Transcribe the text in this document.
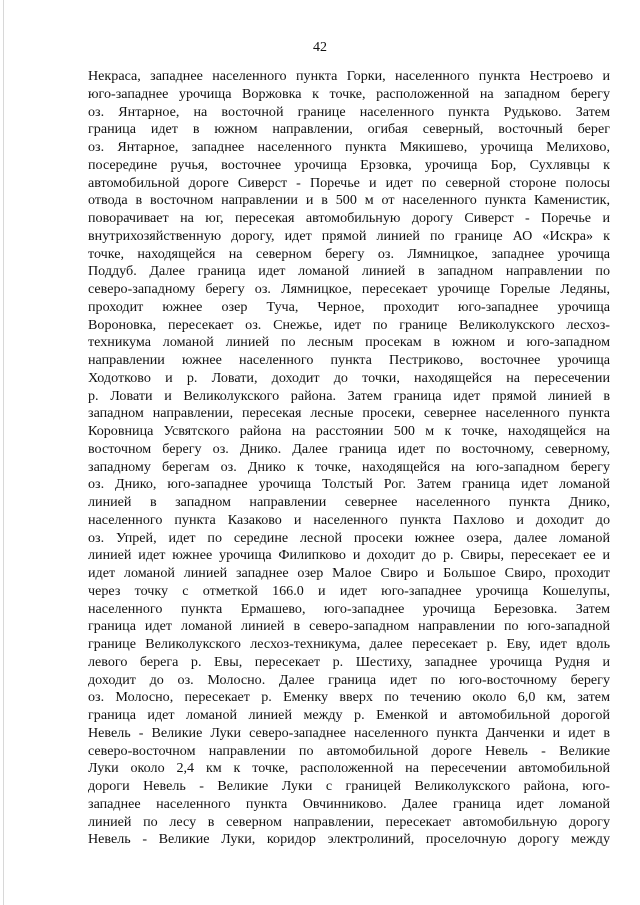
42
Некраса, западнее населенного пункта Горки, населенного пункта Нестроево и
юго-западнее урочища Воржовка к точке, расположенной на западном берегу
оз. Янтарное, на восточной границе населенного пункта Рудьково. Затем
граница идет в южном направлении, огибая северный, восточный берег
оз. Янтарное, западнее населенного пункта Мякишево, урочища Мелихово,
посередине ручья, восточнее урочища Ерзовка, урочища Бор, Сухлявцы к
автомобильной дороге Сиверст - Поречье и идет по северной стороне полосы
отвода в восточном направлении и в 500 м от населенного пункта Каменистик,
поворачивает на юг, пересекая автомобильную дорогу Сиверст - Поречье и
внутрихозяйственную дорогу, идет прямой линией по границе АО «Искра» к
точке, находящейся на северном берегу оз. Лямницкое, западнее урочища
Поддуб. Далее граница идет ломаной линией в западном направлении по
северо-западному берегу оз. Лямницкое, пересекает урочище Горелые Ледяны,
проходит южнее озер Туча, Черное, проходит юго-западнее урочища
Вороновка, пересекает оз. Снежье, идет по границе Великолукского лесхоз-
техникума ломаной линией по лесным просекам в южном и юго-западном
направлении южнее населенного пункта Пестриково, восточнее урочища
Ходотково и р. Ловати, доходит до точки, находящейся на пересечении
р. Ловати и Великолукского района. Затем граница идет прямой линией в
западном направлении, пересекая лесные просеки, севернее населенного пункта
Коровница Усвятского района на расстоянии 500 м к точке, находящейся на
восточном берегу оз. Днико. Далее граница идет по восточному, северному,
западному берегам оз. Днико к точке, находящейся на юго-западном берегу
оз. Днико, юго-западнее урочища Толстый Рог. Затем граница идет ломаной
линией в западном направлении севернее населенного пункта Днико,
населенного пункта Казаково и населенного пункта Пахлово и доходит до
оз. Упрей, идет по середине лесной просеки южнее озера, далее ломаной
линией идет южнее урочища Филипково и доходит до р. Свиры, пересекает ее и
идет ломаной линией западнее озер Малое Свиро и Большое Свиро, проходит
через точку с отметкой 166.0 и идет юго-западнее урочища Кошелупы,
населенного пункта Ермашево, юго-западнее урочища Березовка. Затем
граница идет ломаной линией в северо-западном направлении по юго-западной
границе Великолукского лесхоз-техникума, далее пересекает р. Еву, идет вдоль
левого берега р. Евы, пересекает р. Шестиху, западнее урочища Рудня и
доходит до оз. Молосно. Далее граница идет по юго-восточному берегу
оз. Молосно, пересекает р. Еменку вверх по течению около 6,0 км, затем
граница идет ломаной линией между р. Еменкой и автомобильной дорогой
Невель - Великие Луки северо-западнее населенного пункта Данченки и идет в
северо-восточном направлении по автомобильной дороге Невель - Великие
Луки около 2,4 км к точке, расположенной на пересечении автомобильной
дороги Невель - Великие Луки с границей Великолукского района, юго-
западнее населенного пункта Овчинниково. Далее граница идет ломаной
линией по лесу в северном направлении, пересекает автомобильную дорогу
Невель - Великие Луки, коридор электролиний, проселочную дорогу между
